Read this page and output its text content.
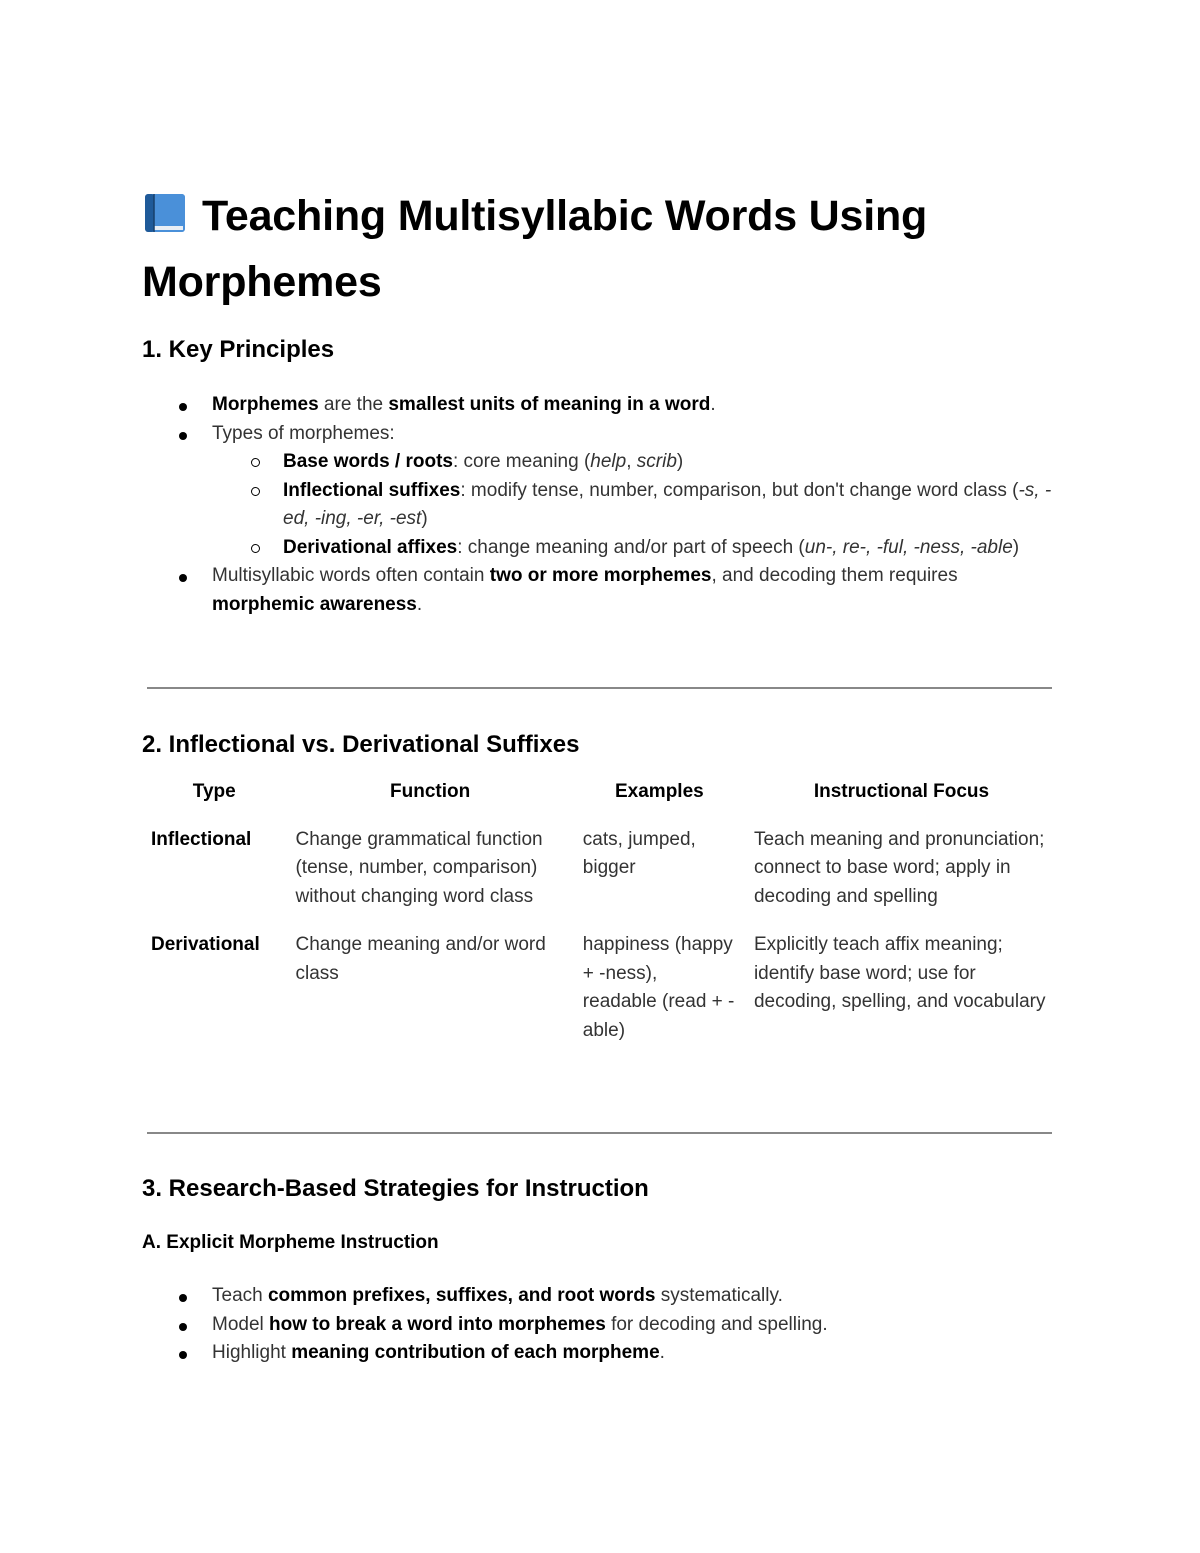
Teaching Multisyllabic Words Using Morphemes
1. Key Principles
Morphemes are the smallest units of meaning in a word.
Types of morphemes:
Base words / roots: core meaning (help, scrib)
Inflectional suffixes: modify tense, number, comparison, but don't change word class (-s, -ed, -ing, -er, -est)
Derivational affixes: change meaning and/or part of speech (un-, re-, -ful, -ness, -able)
Multisyllabic words often contain two or more morphemes, and decoding them requires morphemic awareness.
2. Inflectional vs. Derivational Suffixes
Type	Function	Examples	Instructional Focus
Inflectional	Change grammatical function (tense, number, comparison) without changing word class	cats, jumped, bigger	Teach meaning and pronunciation; connect to base word; apply in decoding and spelling
Derivational	Change meaning and/or word class	happiness (happy + -ness), readable (read + -able)	Explicitly teach affix meaning; identify base word; use for decoding, spelling, and vocabulary
3. Research-Based Strategies for Instruction
A. Explicit Morpheme Instruction
Teach common prefixes, suffixes, and root words systematically.
Model how to break a word into morphemes for decoding and spelling.
Highlight meaning contribution of each morpheme.
